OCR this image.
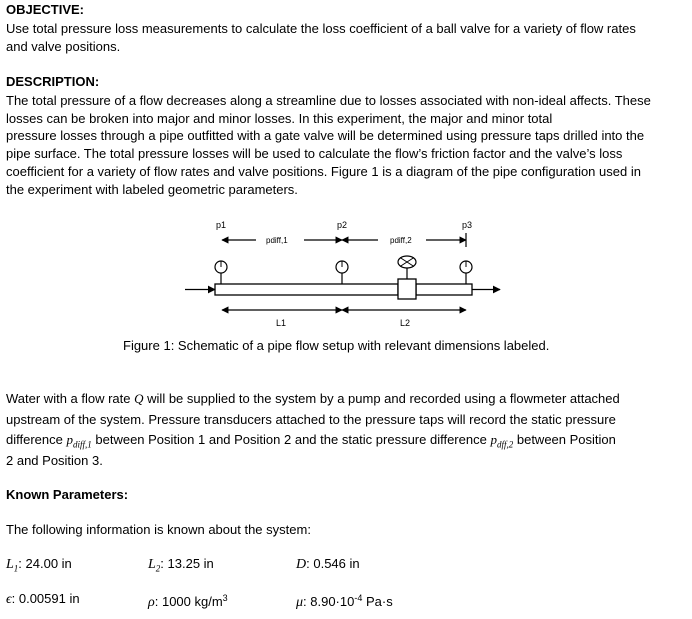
OBJECTIVE:
Use total pressure loss measurements to calculate the loss coefficient of a ball valve for a variety of flow rates
and valve positions.
DESCRIPTION:
The total pressure of a flow decreases along a streamline due to losses associated with non-ideal affects. These
losses can be broken into major and minor losses. In this experiment, the major and minor total
pressure losses through a pipe outfitted with a gate valve will be determined using pressure taps drilled into the
pipe surface. The total pressure losses will be used to calculate the flow’s friction factor and the valve’s loss
coefficient for a variety of flow rates and valve positions. Figure 1 is a diagram of the pipe configuration used in
the experiment with labeled geometric parameters.
p1	p2	p3
pdiff,1	pdiff,2
L1	L2
Figure 1: Schematic of a pipe flow setup with relevant dimensions labeled.
Water with a flow rate Q will be supplied to the system by a pump and recorded using a flowmeter attached
upstream of the system. Pressure transducers attached to the pressure taps will record the static pressure
difference $p_{diff,1}$ between Position 1 and Position 2 and the static pressure difference $p_{dff,2}$ between Position
2 and Position 3.
Known Parameters:
The following information is known about the system:
$L_1$: 24.00 in	$L_2$: 13.25 in	D: 0.546 in
ϵ: 0.00591 in	ρ: 1000 $kg/m^3$	μ: $8.90\cdot 10^{-4}$ Pa·s
